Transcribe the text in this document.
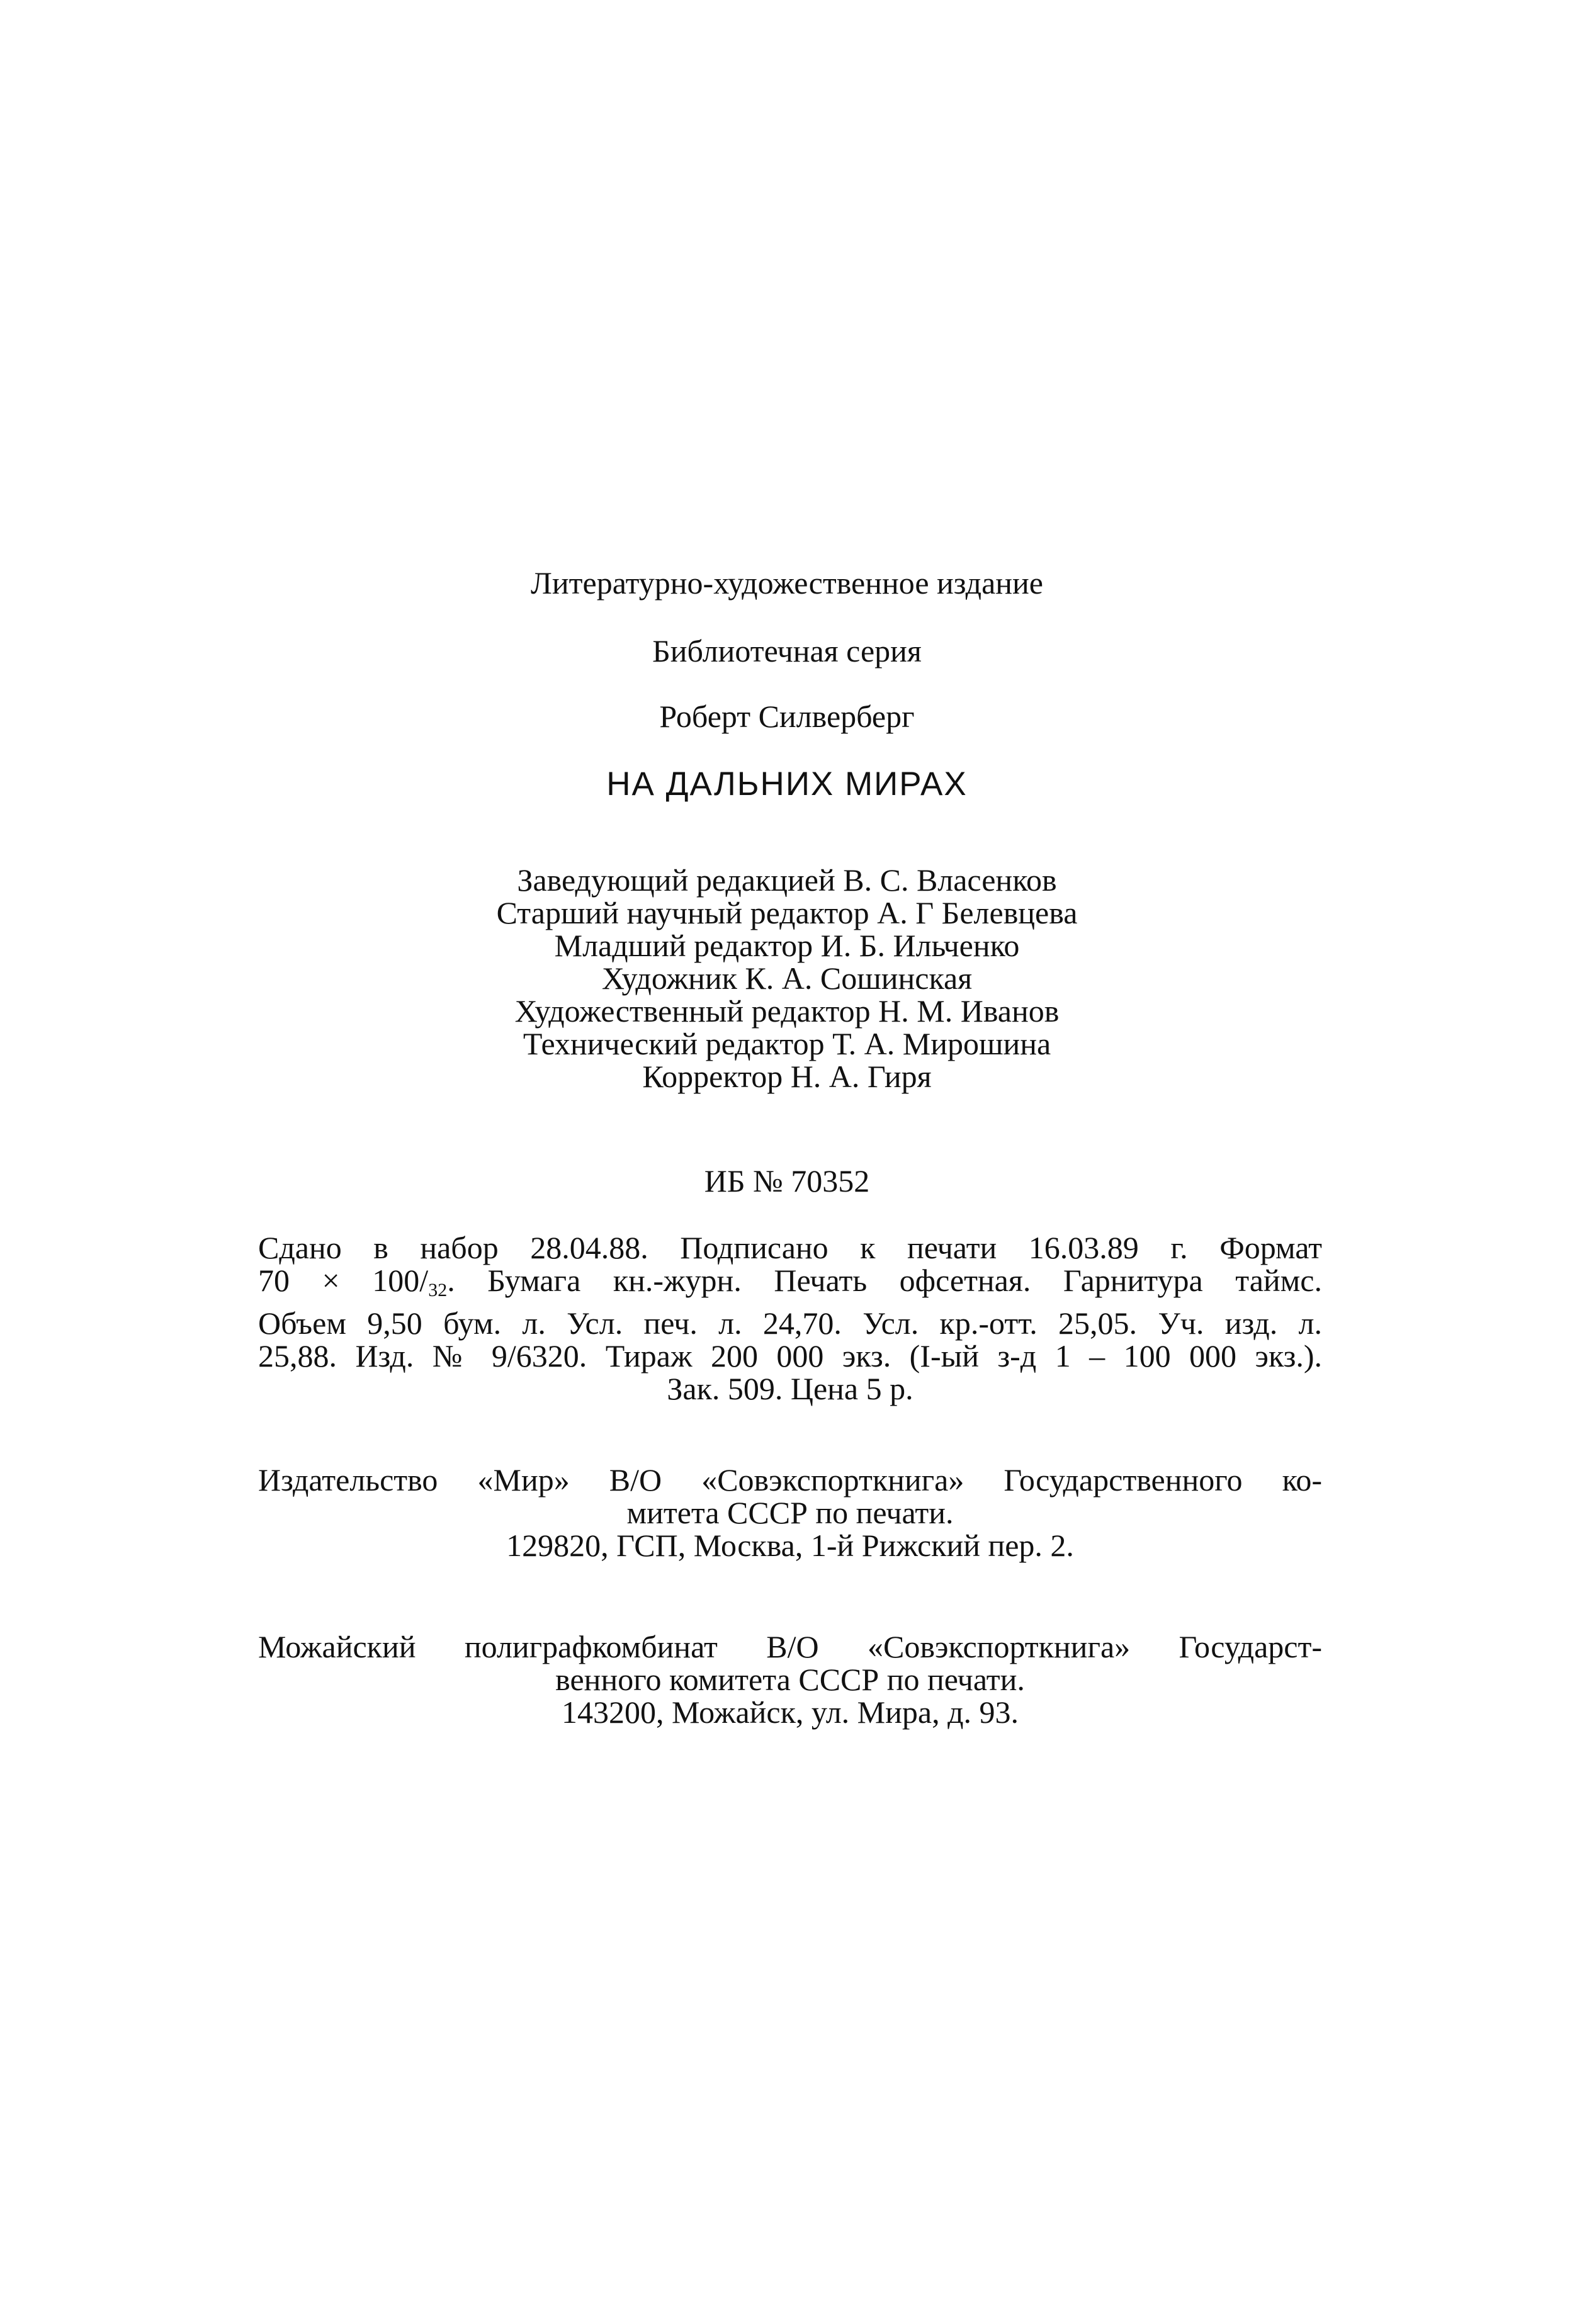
Литературно-художественное издание
Библиотечная серия
Роберт Силверберг
НА ДАЛЬНИХ МИРАХ
Заведующий редакцией В. С. Власенков
Старший научный редактор А. Г Белевцева
Младший редактор И. Б. Ильченко
Художник К. А. Сошинская
Художественный редактор Н. М. Иванов
Технический редактор Т. А. Мирошина
Корректор Н. А. Гиря
ИБ № 70352
Сдано в набор 28.04.88. Подписано к печати 16.03.89 г. Формат
$70 \times 100/_{32}$. Бумага кн.-журн. Печать офсетная. Гарнитура таймс.
Объем 9,50 бум. л. Усл. печ. л. 24,70. Усл. кр.-отт. 25,05. Уч. изд. л.
25,88. Изд. № 9/6320. Тираж 200 000 экз. (I-ый з-д 1 – 100 000 экз.).
Зак. 509. Цена 5 р.
Издательство «Мир» В/О «Совэкспорткнига» Государственного ко-
митета СССР по печати.
129820, ГСП, Москва, 1-й Рижский пер. 2.
Можайский полиграфкомбинат В/О «Совэкспорткнига» Государст-
венного комитета СССР по печати.
143200, Можайск, ул. Мира, д. 93.
